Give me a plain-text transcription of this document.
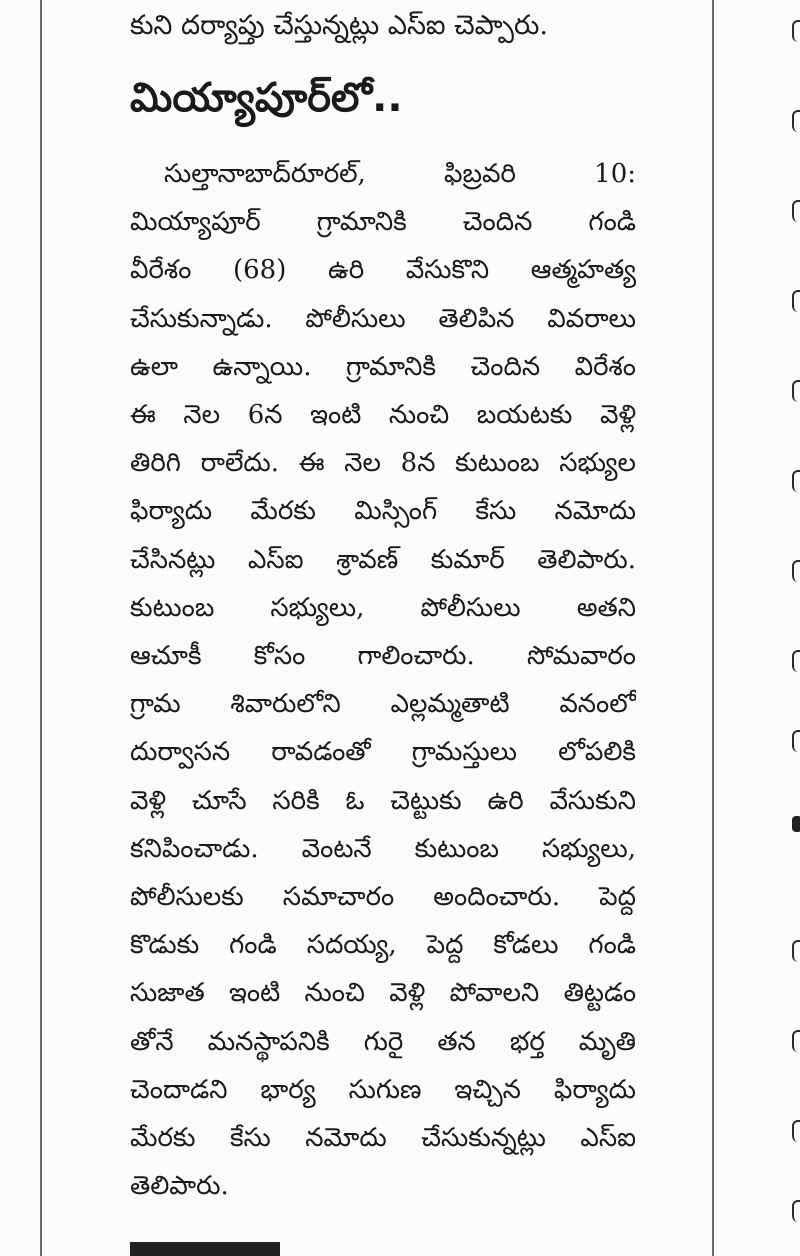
కుని దర్యాప్తు చేస్తున్నట్లు ఎస్ఐ చెప్పారు.
మియ్యాపూర్‌లో..
సుల్తానాబాద్‌రూరల్, ఫిబ్రవరి 10:
మియ్యాపూర్ గ్రామానికి చెందిన గండి
వీరేశం (68) ఉరి వేసుకొని ఆత్మహత్య
చేసుకున్నాడు. పోలీసులు తెలిపిన వివరాలు
ఉలా ఉన్నాయి. గ్రామానికి చెందిన విరేశం
ఈ నెల 6న ఇంటి నుంచి బయటకు వెళ్లి
తిరిగి రాలేదు. ఈ నెల 8న కుటుంబ సభ్యుల
ఫిర్యాదు మేరకు మిస్సింగ్ కేసు నమోదు
చేసినట్లు ఎస్ఐ శ్రావణ్ కుమార్ తెలిపారు.
కుటుంబ సభ్యులు, పోలీసులు అతని
ఆచూకీ కోసం గాలించారు. సోమవారం
గ్రామ శివారులోని ఎల్లమ్మతాటి వనంలో
దుర్వాసన రావడంతో గ్రామస్తులు లోపలికి
వెళ్లి చూసే సరికి ఓ చెట్టుకు ఉరి వేసుకుని
కనిపించాడు. వెంటనే కుటుంబ సభ్యులు,
పోలీసులకు సమాచారం అందించారు. పెద్ద
కొడుకు గండి సదయ్య, పెద్ద కోడలు గండి
సుజాత ఇంటి నుంచి వెళ్లి పోవాలని తిట్టడం
తోనే మనస్థాపనికి గురై తన భర్త మృతి
చెందాడని భార్య సుగుణ ఇచ్చిన ఫిర్యాదు
మేరకు కేసు నమోదు చేసుకున్నట్లు ఎస్ఐ
తెలిపారు.
